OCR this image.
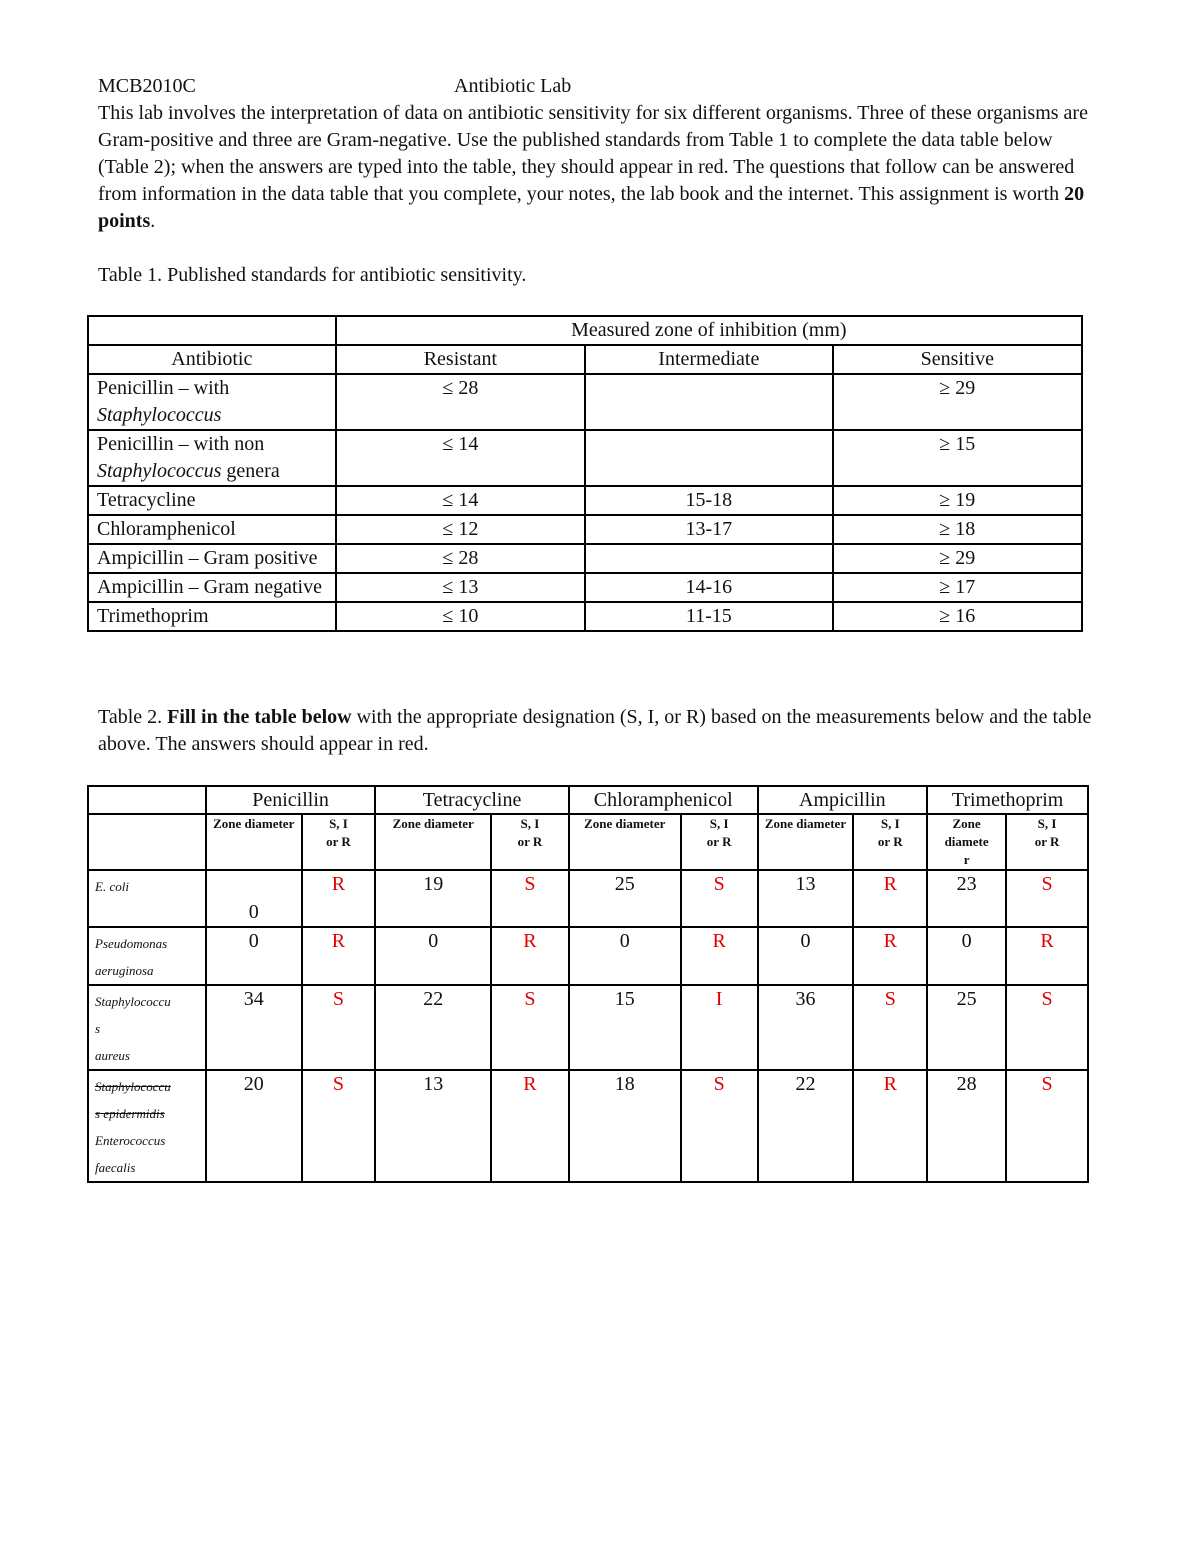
MCB2010C	Antibiotic Lab

This lab involves the interpretation of data on antibiotic sensitivity for six different organisms. Three of these organisms are Gram-positive and three are Gram-negative. Use the published standards from Table 1 to complete the data table below (Table 2); when the answers are typed into the table, they should appear in red. The questions that follow can be answered from information in the data table that you complete, your notes, the lab book and the internet. This assignment is worth 20 points.

Table 1. Published standards for antibiotic sensitivity.

	Measured zone of inhibition (mm)		
Antibiotic	Resistant	Intermediate	Sensitive
Penicillin – with
Staphylococcus	≤ 28		≥ 29
Penicillin – with non
Staphylococcus genera	≤ 14		≥ 15
Tetracycline	≤ 14	15-18	≥ 19
Chloramphenicol	≤ 12	13-17	≥ 18
Ampicillin – Gram positive	≤ 28		≥ 29
Ampicillin – Gram negative	≤ 13	14-16	≥ 17
Trimethoprim	≤ 10	11-15	≥ 16
Table 2. Fill in the table below with the appropriate designation (S, I, or R) based on the measurements below and the table above. The answers should appear in red.
	Penicillin		Tetracycline		Chloramphenicol		Ampicillin		Trimethoprim	
	Zone diameter	S, I
or R	Zone diameter	S, I
or R	Zone diameter	S, I
or R	Zone diameter	S, I
or R	Zone diamete
r	S, I
or R
E. coli	0	R	19	S	25	S	13	R	23	S
Pseudomonas aeruginosa	0	R	0	R	0	R	0	R	0	R
Staphylococcu
s
aureus	34	S	22	S	15	I	36	S	25	S
Staphylococcu
s epidermidis
Enterococcus faecalis	20	S	13	R	18	S	22	R	28	S
